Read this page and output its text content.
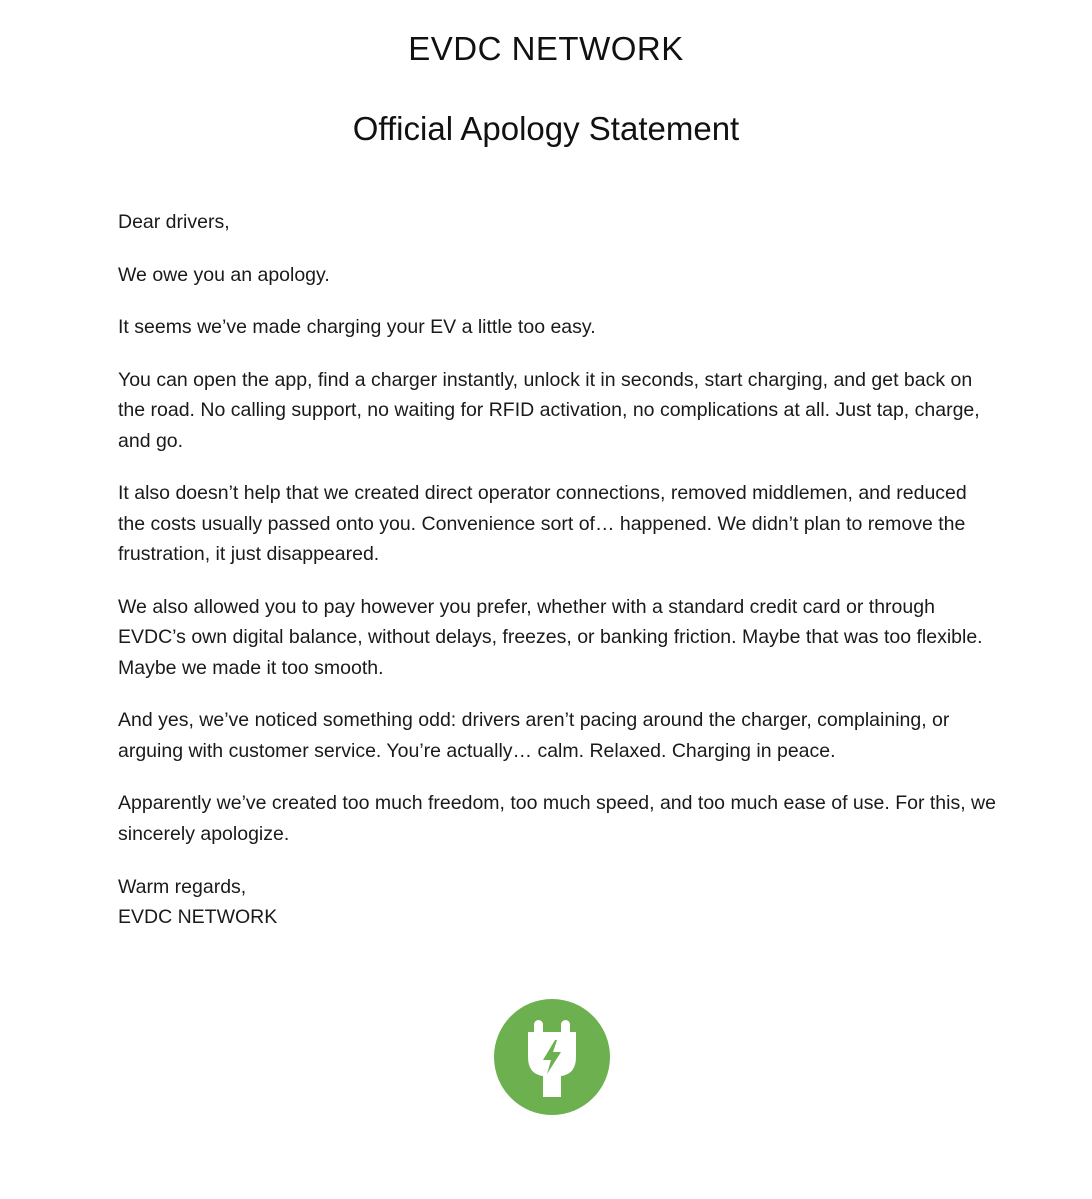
EVDC NETWORK
Official Apology Statement

Dear drivers,

We owe you an apology.

It seems we’ve made charging your EV a little too easy.

You can open the app, find a charger instantly, unlock it in seconds, start charging, and get back on the road. No calling support, no waiting for RFID activation, no complications at all. Just tap, charge, and go.

It also doesn’t help that we created direct operator connections, removed middlemen, and reduced the costs usually passed onto you. Convenience sort of… happened. We didn’t plan to remove the frustration, it just disappeared.

We also allowed you to pay however you prefer, whether with a standard credit card or through EVDC’s own digital balance, without delays, freezes, or banking friction. Maybe that was too flexible. Maybe we made it too smooth.

And yes, we’ve noticed something odd: drivers aren’t pacing around the charger, complaining, or arguing with customer service. You’re actually… calm. Relaxed. Charging in peace.

Apparently we’ve created too much freedom, too much speed, and too much ease of use. For this, we sincerely apologize.

Warm regards,
EVDC NETWORK
